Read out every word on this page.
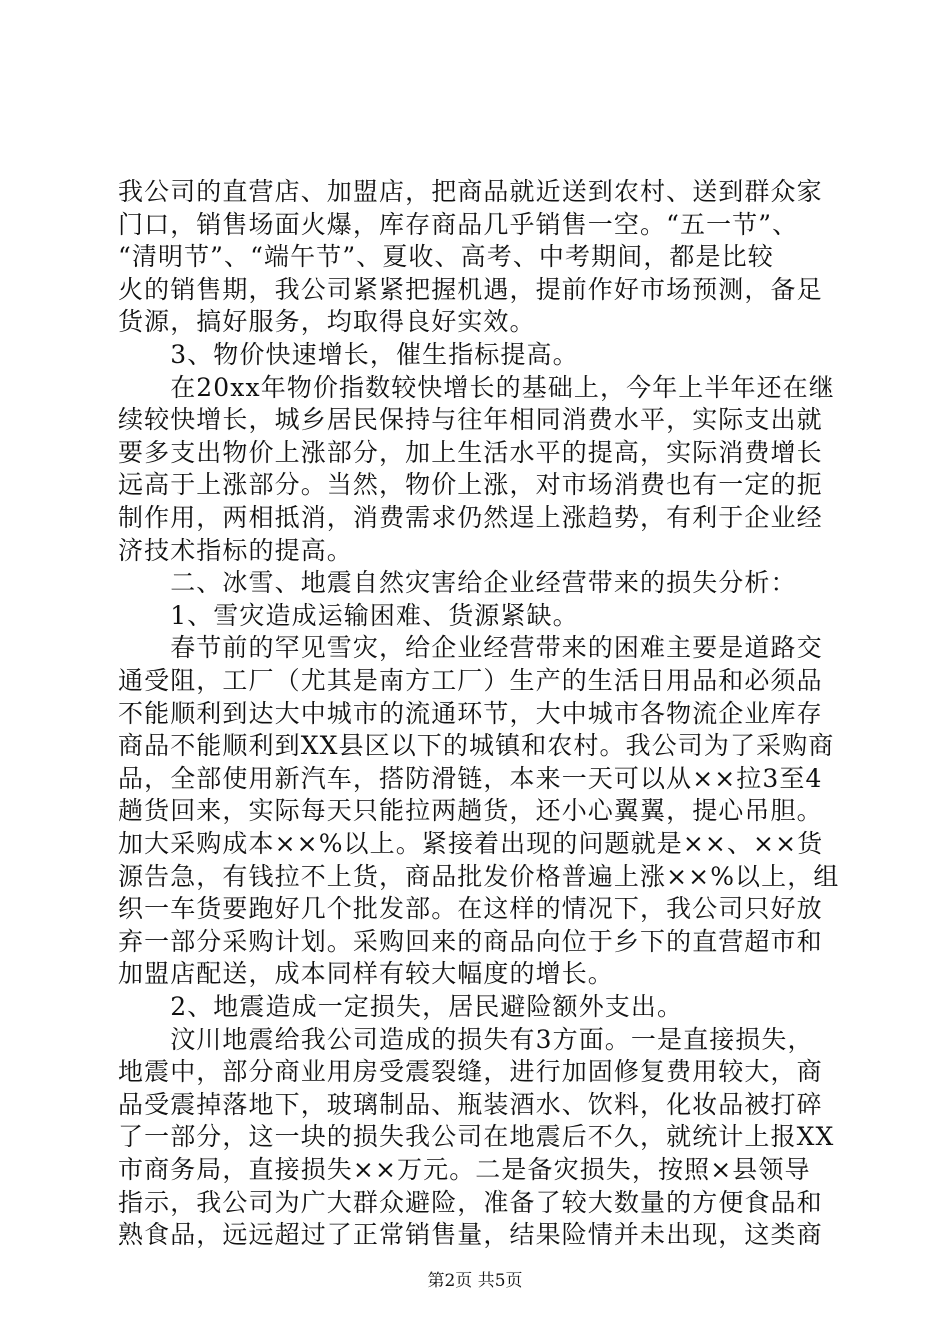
我公司的直营店、加盟店，把商品就近送到农村、送到群众家
门口，销售场面火爆，库存商品几乎销售一空。“五一节”、
“清明节”、“端午节”、夏收、高考、中考期间，都是比较
火的销售期，我公司紧紧把握机遇，提前作好市场预测，备足
货源，搞好服务，均取得良好实效。
　　3、物价快速增长，催生指标提高。
　　在20xx年物价指数较快增长的基础上，今年上半年还在继
续较快增长，城乡居民保持与往年相同消费水平，实际支出就
要多支出物价上涨部分，加上生活水平的提高，实际消费增长
远高于上涨部分。当然，物价上涨，对市场消费也有一定的扼
制作用，两相抵消，消费需求仍然逞上涨趋势，有利于企业经
济技术指标的提高。
　　二、冰雪、地震自然灾害给企业经营带来的损失分析：
　　1、雪灾造成运输困难、货源紧缺。
　　春节前的罕见雪灾，给企业经营带来的困难主要是道路交
通受阻，工厂（尤其是南方工厂）生产的生活日用品和必须品
不能顺利到达大中城市的流通环节，大中城市各物流企业库存
商品不能顺利到XX县区以下的城镇和农村。我公司为了采购商
品，全部使用新汽车，搭防滑链，本来一天可以从××拉3至4
趟货回来，实际每天只能拉两趟货，还小心翼翼，提心吊胆。
加大采购成本××%以上。紧接着出现的问题就是××、××货
源告急，有钱拉不上货，商品批发价格普遍上涨××%以上，组
织一车货要跑好几个批发部。在这样的情况下，我公司只好放
弃一部分采购计划。采购回来的商品向位于乡下的直营超市和
加盟店配送，成本同样有较大幅度的增长。
　　2、地震造成一定损失，居民避险额外支出。
　　汶川地震给我公司造成的损失有3方面。一是直接损失，
地震中，部分商业用房受震裂缝，进行加固修复费用较大，商
品受震掉落地下，玻璃制品、瓶装酒水、饮料，化妆品被打碎
了一部分，这一块的损失我公司在地震后不久，就统计上报XX
市商务局，直接损失××万元。二是备灾损失，按照×县领导
指示，我公司为广大群众避险，准备了较大数量的方便食品和
熟食品，远远超过了正常销售量，结果险情并未出现，这类商
第2页 共5页
